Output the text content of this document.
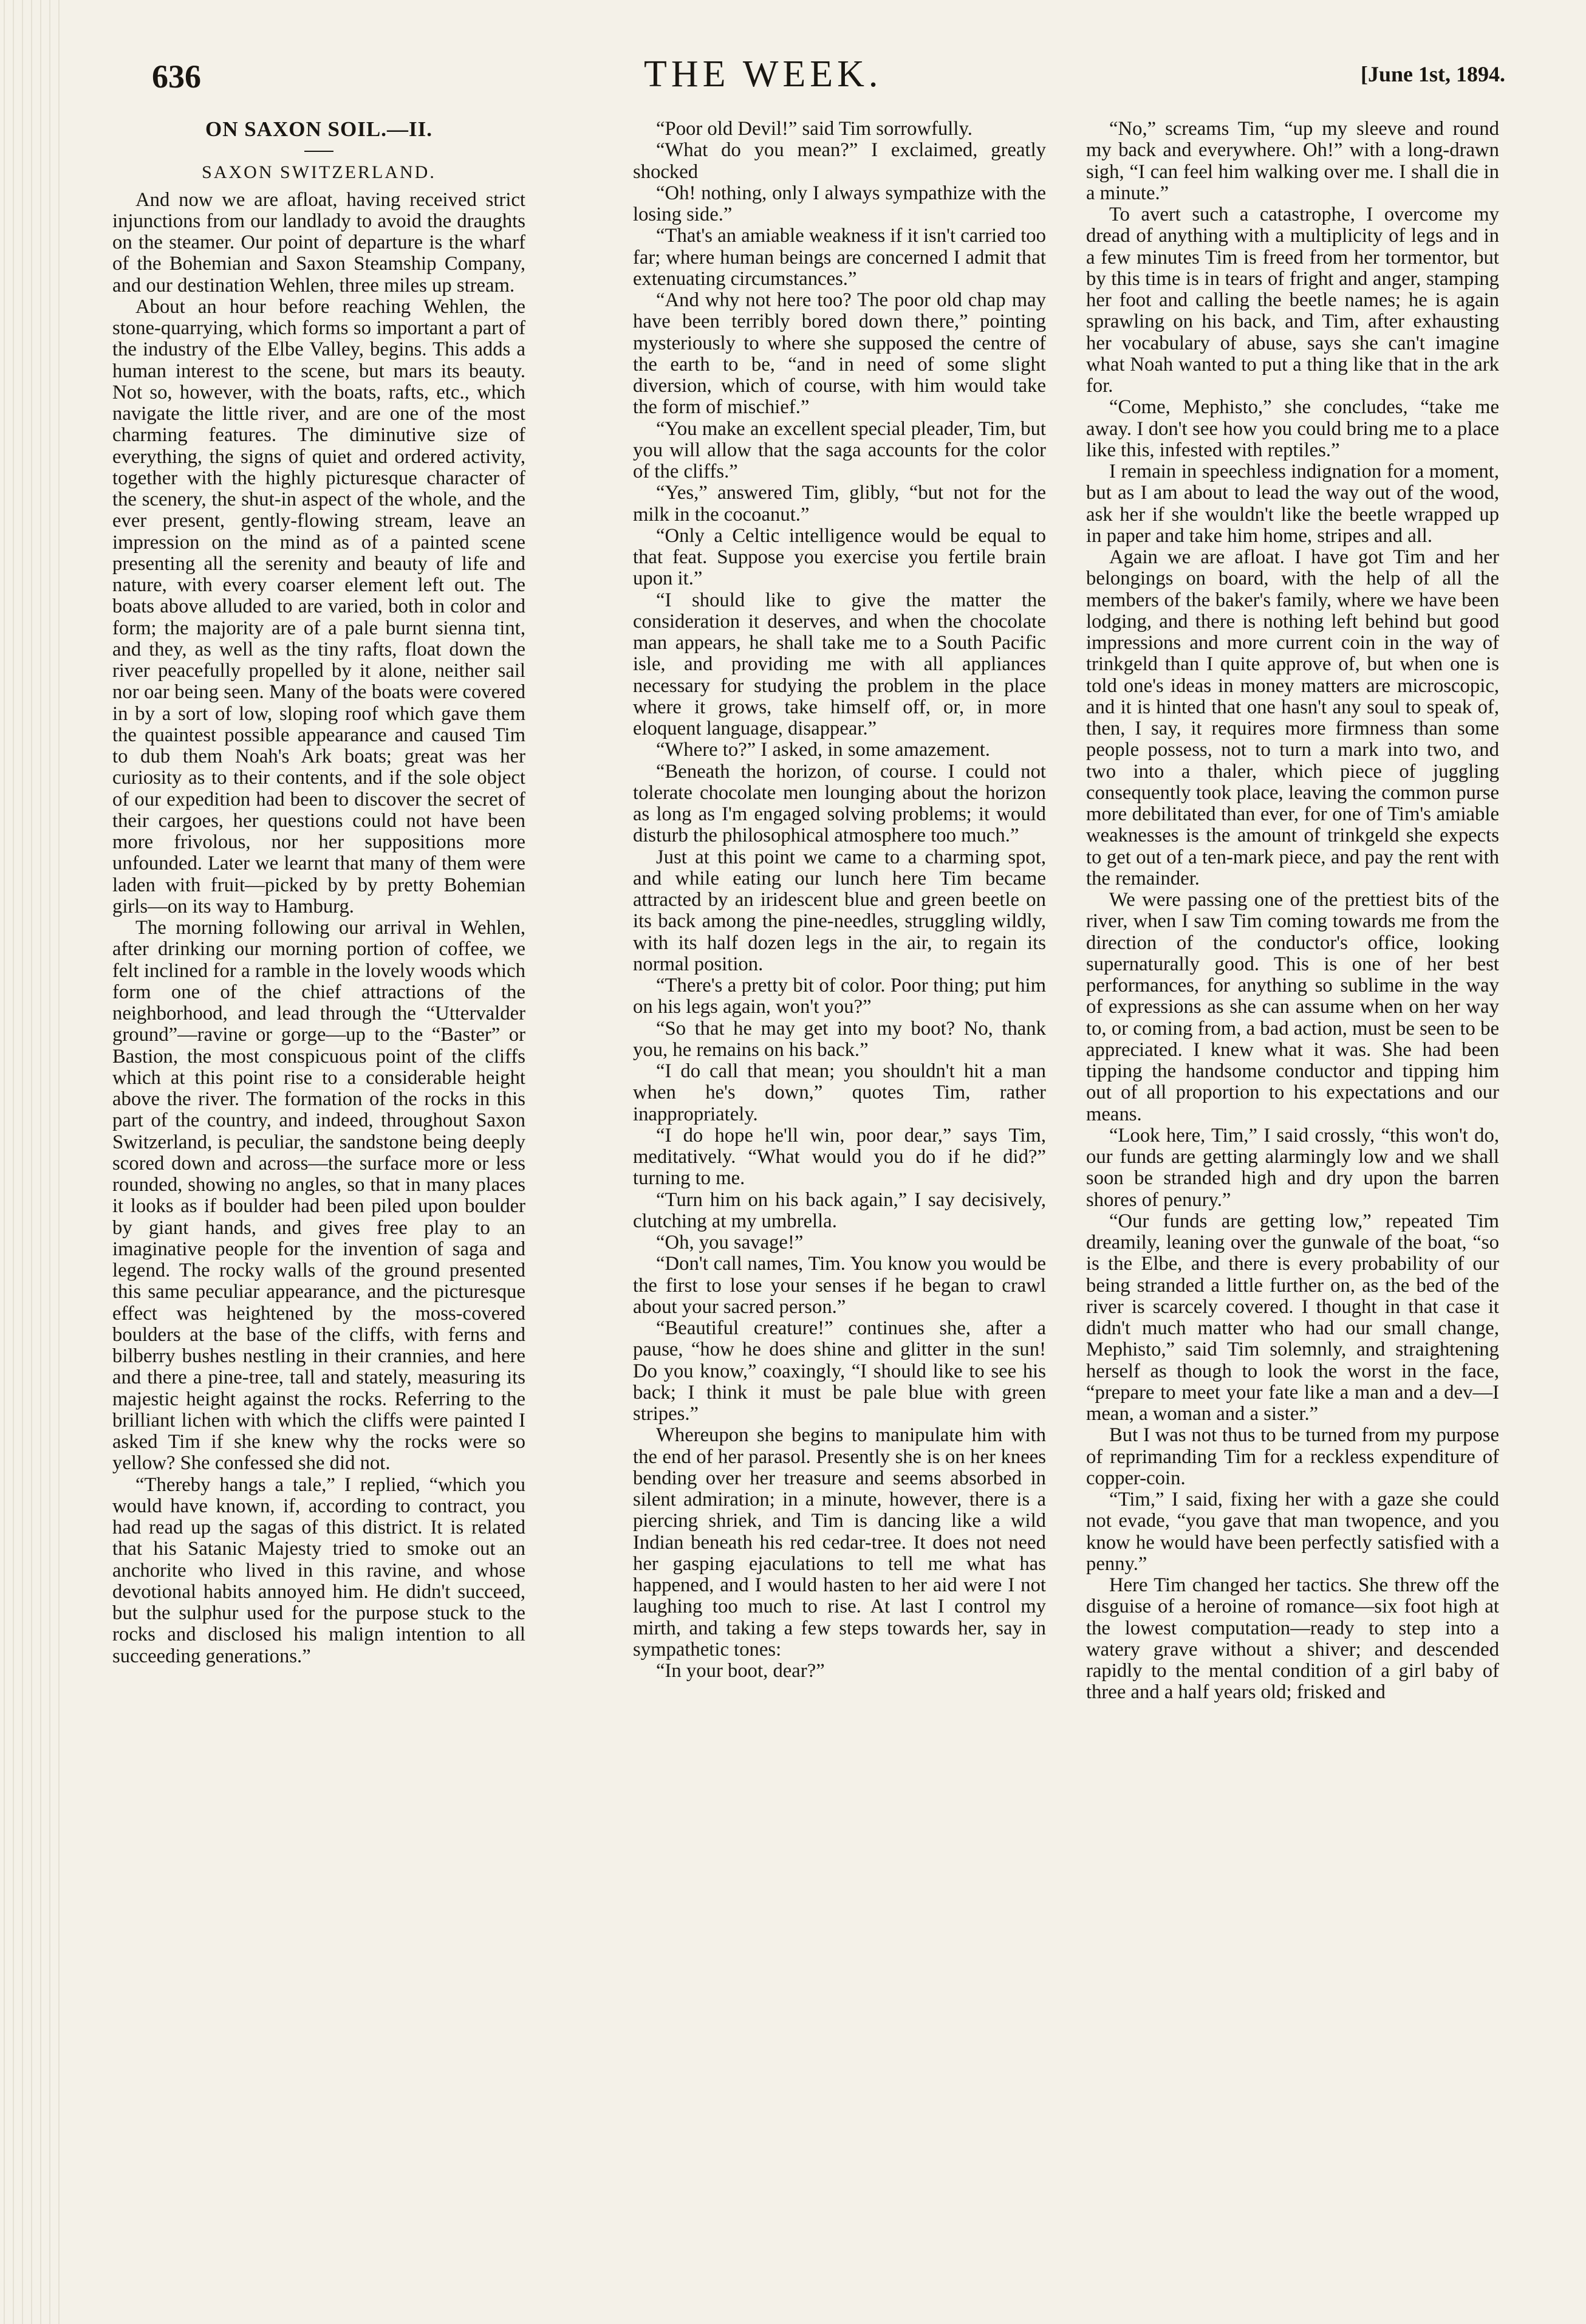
636	THE WEEK.	[June 1st, 1894.
ON SAXON SOIL.—II.
SAXON SWITZERLAND.

And now we are afloat, having received strict injunctions from our landlady to avoid the draughts on the steamer. Our point of departure is the wharf of the Bohemian and Saxon Steamship Company, and our destination Wehlen, three miles up stream.

About an hour before reaching Wehlen, the stone-quarrying, which forms so important a part of the industry of the Elbe Valley, begins. This adds a human interest to the scene, but mars its beauty. Not so, however, with the boats, rafts, etc., which navigate the little river, and are one of the most charming features. The diminutive size of everything, the signs of quiet and ordered activity, together with the highly picturesque character of the scenery, the shut-in aspect of the whole, and the ever present, gently-flowing stream, leave an impression on the mind as of a painted scene presenting all the serenity and beauty of life and nature, with every coarser element left out. The boats above alluded to are varied, both in color and form; the majority are of a pale burnt sienna tint, and they, as well as the tiny rafts, float down the river peacefully propelled by it alone, neither sail nor oar being seen. Many of the boats were covered in by a sort of low, sloping roof which gave them the quaintest possible appearance and caused Tim to dub them Noah's Ark boats; great was her curiosity as to their contents, and if the sole object of our expedition had been to discover the secret of their cargoes, her questions could not have been more frivolous, nor her suppositions more unfounded. Later we learnt that many of them were laden with fruit—picked by by pretty Bohemian girls—on its way to Hamburg.

The morning following our arrival in Wehlen, after drinking our morning portion of coffee, we felt inclined for a ramble in the lovely woods which form one of the chief attractions of the neighborhood, and lead through the “Uttervalder ground”—ravine or gorge—up to the “Baster” or Bastion, the most conspicuous point of the cliffs which at this point rise to a considerable height above the river. The formation of the rocks in this part of the country, and indeed, throughout Saxon Switzerland, is peculiar, the sandstone being deeply scored down and across—the surface more or less rounded, showing no angles, so that in many places it looks as if boulder had been piled upon boulder by giant hands, and gives free play to an imaginative people for the invention of saga and legend. The rocky walls of the ground presented this same peculiar appearance, and the picturesque effect was heightened by the moss-covered boulders at the base of the cliffs, with ferns and bilberry bushes nestling in their crannies, and here and there a pine-tree, tall and stately, measuring its majestic height against the rocks. Referring to the brilliant lichen with which the cliffs were painted I asked Tim if she knew why the rocks were so yellow? She confessed she did not.

“Thereby hangs a tale,” I replied, “which you would have known, if, according to contract, you had read up the sagas of this district. It is related that his Satanic Majesty tried to smoke out an anchorite who lived in this ravine, and whose devotional habits annoyed him. He didn't succeed, but the sulphur used for the purpose stuck to the rocks and disclosed his malign intention to all succeeding generations.”

“Poor old Devil!” said Tim sorrowfully.

“What do you mean?” I exclaimed, greatly shocked

“Oh! nothing, only I always sympathize with the losing side.”

“That's an amiable weakness if it isn't carried too far; where human beings are concerned I admit that extenuating circumstances.”

“And why not here too? The poor old chap may have been terribly bored down there,” pointing mysteriously to where she supposed the centre of the earth to be, “and in need of some slight diversion, which of course, with him would take the form of mischief.”

“You make an excellent special pleader, Tim, but you will allow that the saga accounts for the color of the cliffs.”

“Yes,” answered Tim, glibly, “but not for the milk in the cocoanut.”

“Only a Celtic intelligence would be equal to that feat. Suppose you exercise you fertile brain upon it.”

“I should like to give the matter the consideration it deserves, and when the chocolate man appears, he shall take me to a South Pacific isle, and providing me with all appliances necessary for studying the problem in the place where it grows, take himself off, or, in more eloquent language, disappear.”

“Where to?” I asked, in some amazement.

“Beneath the horizon, of course. I could not tolerate chocolate men lounging about the horizon as long as I'm engaged solving problems; it would disturb the philosophical atmosphere too much.”

Just at this point we came to a charming spot, and while eating our lunch here Tim became attracted by an iridescent blue and green beetle on its back among the pine-needles, struggling wildly, with its half dozen legs in the air, to regain its normal position.

“There's a pretty bit of color. Poor thing; put him on his legs again, won't you?”

“So that he may get into my boot? No, thank you, he remains on his back.”

“I do call that mean; you shouldn't hit a man when he's down,” quotes Tim, rather inappropriately.

“I do hope he'll win, poor dear,” says Tim, meditatively. “What would you do if he did?” turning to me.

“Turn him on his back again,” I say decisively, clutching at my umbrella.

“Oh, you savage!”

“Don't call names, Tim. You know you would be the first to lose your senses if he began to crawl about your sacred person.”

“Beautiful creature!” continues she, after a pause, “how he does shine and glitter in the sun! Do you know,” coaxingly, “I should like to see his back; I think it must be pale blue with green stripes.”

Whereupon she begins to manipulate him with the end of her parasol. Presently she is on her knees bending over her treasure and seems absorbed in silent admiration; in a minute, however, there is a piercing shriek, and Tim is dancing like a wild Indian beneath his red cedar-tree. It does not need her gasping ejaculations to tell me what has happened, and I would hasten to her aid were I not laughing too much to rise. At last I control my mirth, and taking a few steps towards her, say in sympathetic tones:

“In your boot, dear?”

“No,” screams Tim, “up my sleeve and round my back and everywhere. Oh!” with a long-drawn sigh, “I can feel him walking over me. I shall die in a minute.”

To avert such a catastrophe, I overcome my dread of anything with a multiplicity of legs and in a few minutes Tim is freed from her tormentor, but by this time is in tears of fright and anger, stamping her foot and calling the beetle names; he is again sprawling on his back, and Tim, after exhausting her vocabulary of abuse, says she can't imagine what Noah wanted to put a thing like that in the ark for.

“Come, Mephisto,” she concludes, “take me away. I don't see how you could bring me to a place like this, infested with reptiles.”

I remain in speechless indignation for a moment, but as I am about to lead the way out of the wood, ask her if she wouldn't like the beetle wrapped up in paper and take him home, stripes and all.

Again we are afloat. I have got Tim and her belongings on board, with the help of all the members of the baker's family, where we have been lodging, and there is nothing left behind but good impressions and more current coin in the way of trinkgeld than I quite approve of, but when one is told one's ideas in money matters are microscopic, and it is hinted that one hasn't any soul to speak of, then, I say, it requires more firmness than some people possess, not to turn a mark into two, and two into a thaler, which piece of juggling consequently took place, leaving the common purse more debilitated than ever, for one of Tim's amiable weaknesses is the amount of trinkgeld she expects to get out of a ten-mark piece, and pay the rent with the remainder.

We were passing one of the prettiest bits of the river, when I saw Tim coming towards me from the direction of the conductor's office, looking supernaturally good. This is one of her best performances, for anything so sublime in the way of expressions as she can assume when on her way to, or coming from, a bad action, must be seen to be appreciated. I knew what it was. She had been tipping the handsome conductor and tipping him out of all proportion to his expectations and our means.

“Look here, Tim,” I said crossly, “this won't do, our funds are getting alarmingly low and we shall soon be stranded high and dry upon the barren shores of penury.”

“Our funds are getting low,” repeated Tim dreamily, leaning over the gunwale of the boat, “so is the Elbe, and there is every probability of our being stranded a little further on, as the bed of the river is scarcely covered. I thought in that case it didn't much matter who had our small change, Mephisto,” said Tim solemnly, and straightening herself as though to look the worst in the face, “prepare to meet your fate like a man and a dev—I mean, a woman and a sister.”

But I was not thus to be turned from my purpose of reprimanding Tim for a reckless expenditure of copper-coin.

“Tim,” I said, fixing her with a gaze she could not evade, “you gave that man twopence, and you know he would have been perfectly satisfied with a penny.”

Here Tim changed her tactics. She threw off the disguise of a heroine of romance—six foot high at the lowest computation—ready to step into a watery grave without a shiver; and descended rapidly to the mental condition of a girl baby of three and a half years old; frisked and
